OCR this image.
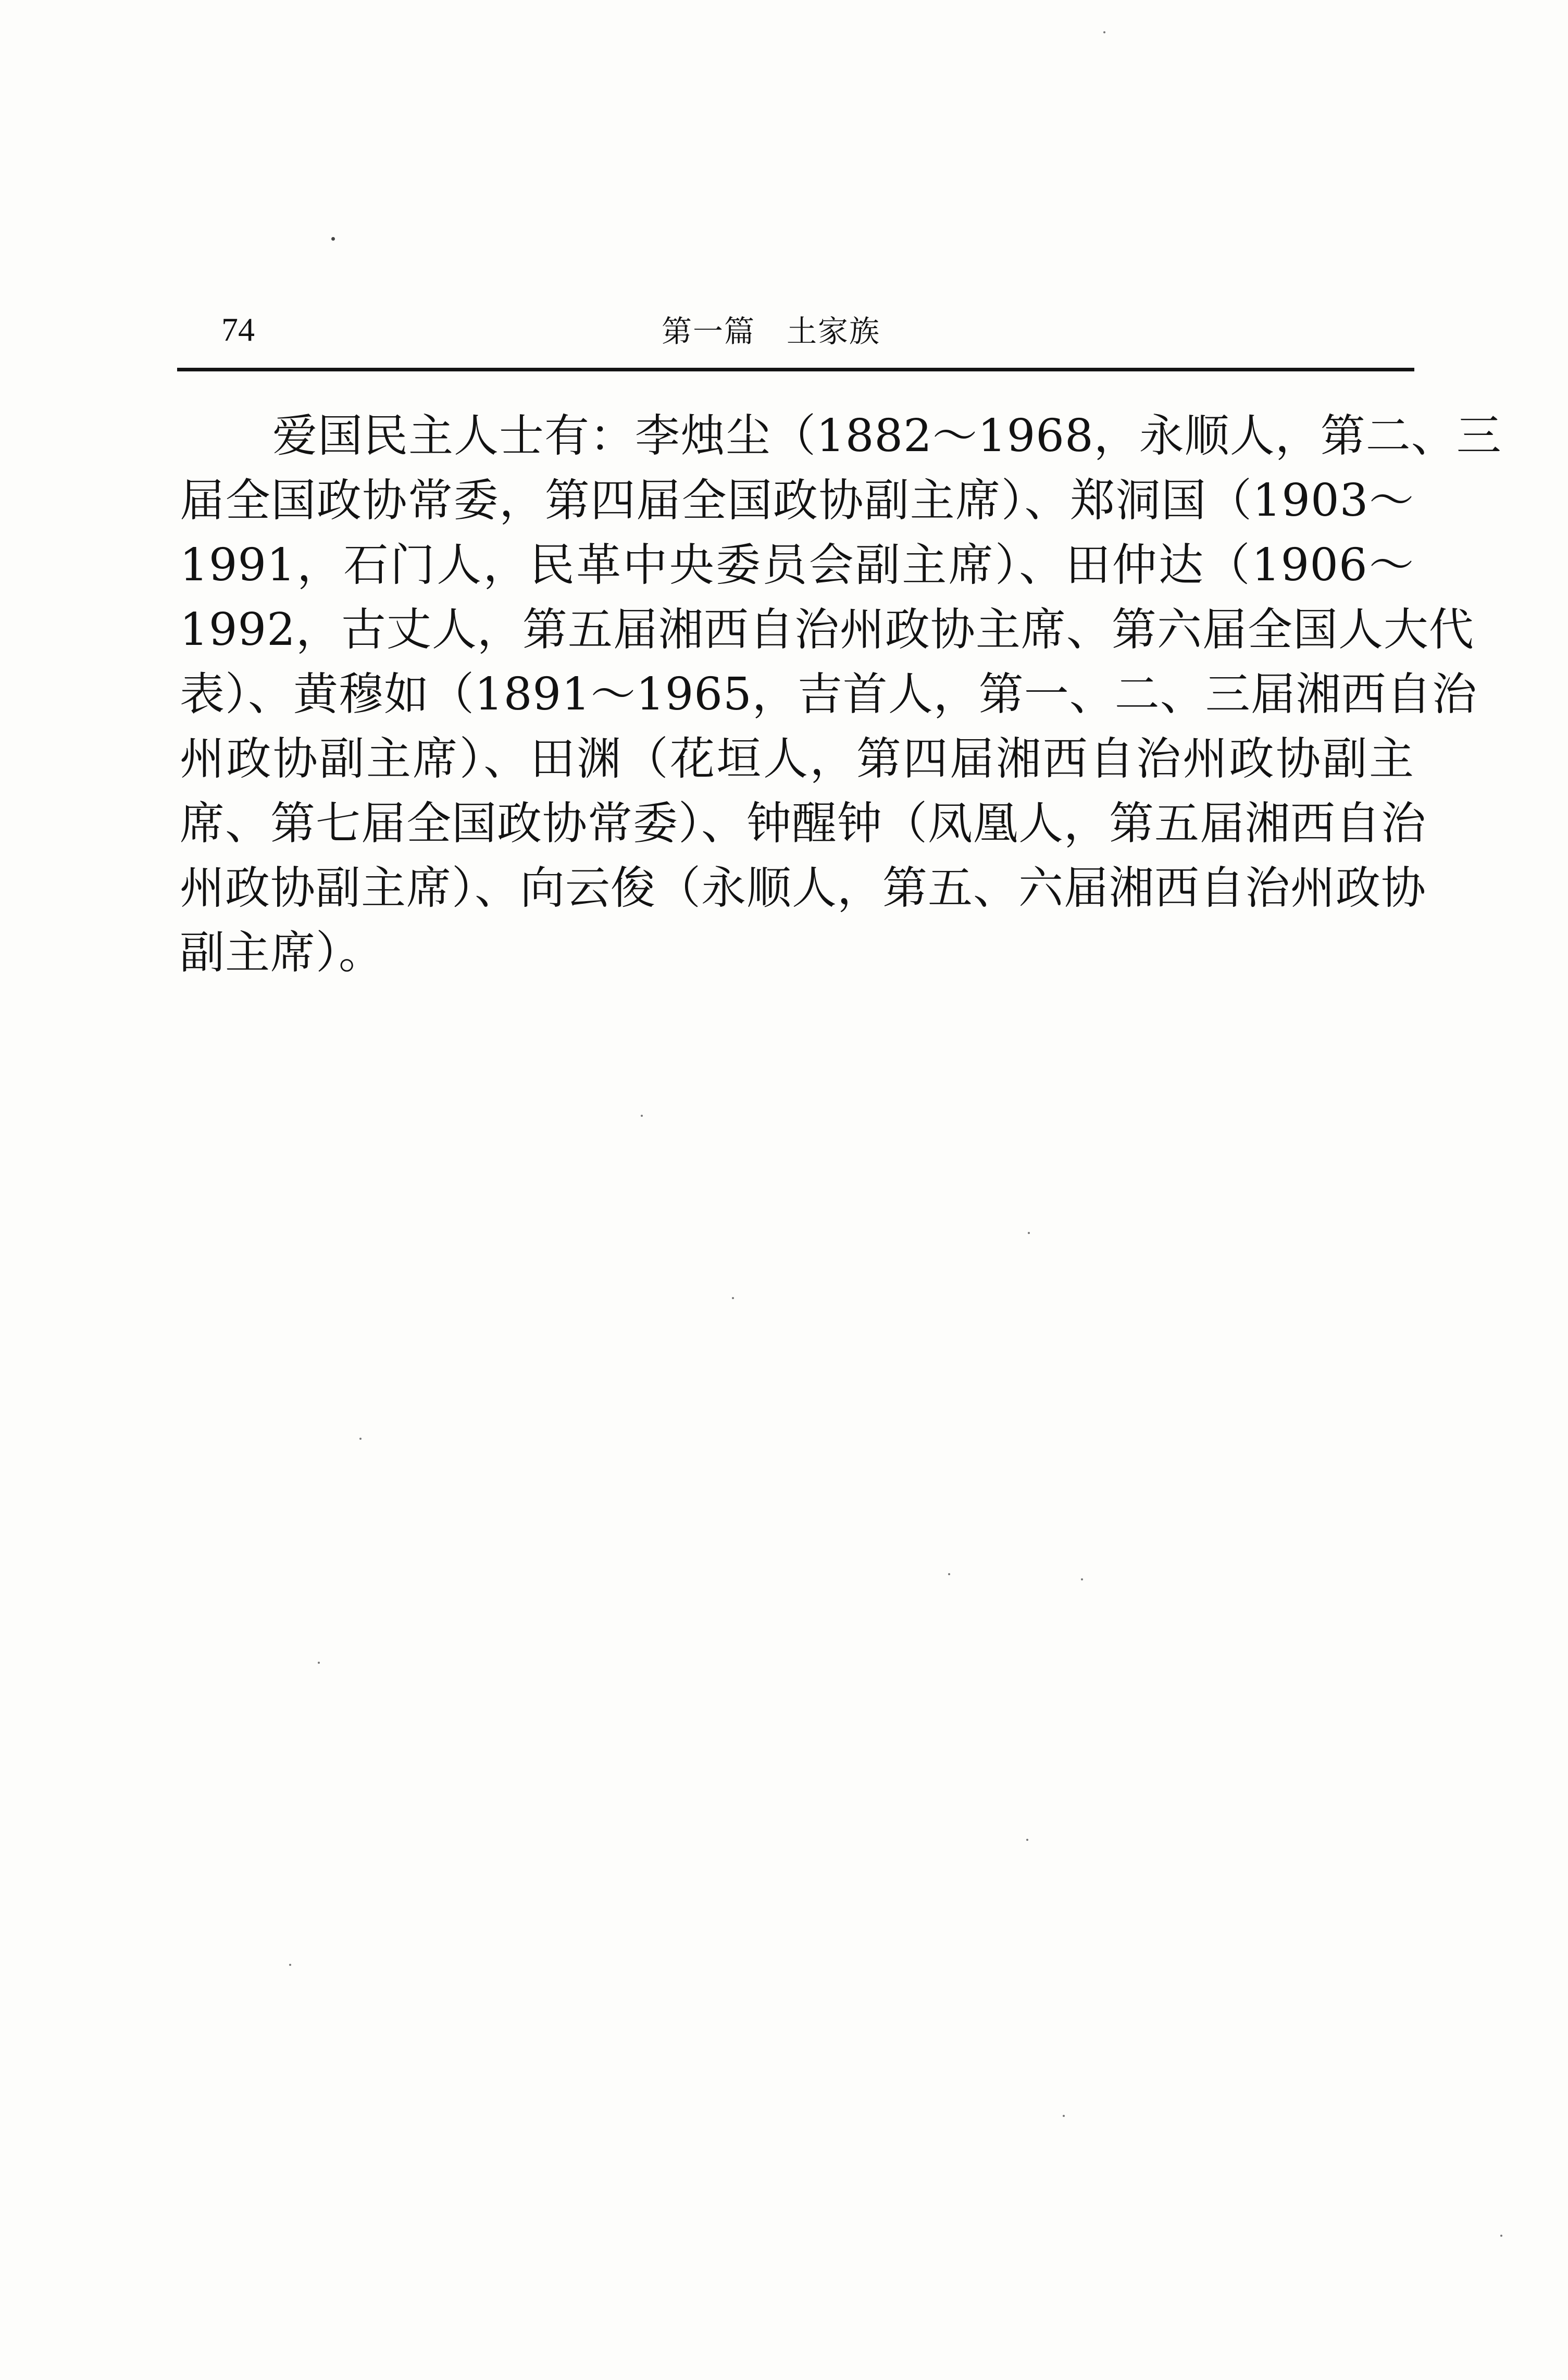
74	第一篇　土家族
爱国民主人士有：李烛尘（1882～1968，永顺人，第二、三
届全国政协常委，第四届全国政协副主席）、郑洞国（1903～
1991，石门人，民革中央委员会副主席）、田仲达（1906～
1992，古丈人，第五届湘西自治州政协主席、第六届全国人大代
表）、黄穆如（1891～1965，吉首人，第一、二、三届湘西自治
州政协副主席）、田渊（花垣人，第四届湘西自治州政协副主
席、第七届全国政协常委）、钟醒钟（凤凰人，第五届湘西自治
州政协副主席）、向云俊（永顺人，第五、六届湘西自治州政协
副主席）。
